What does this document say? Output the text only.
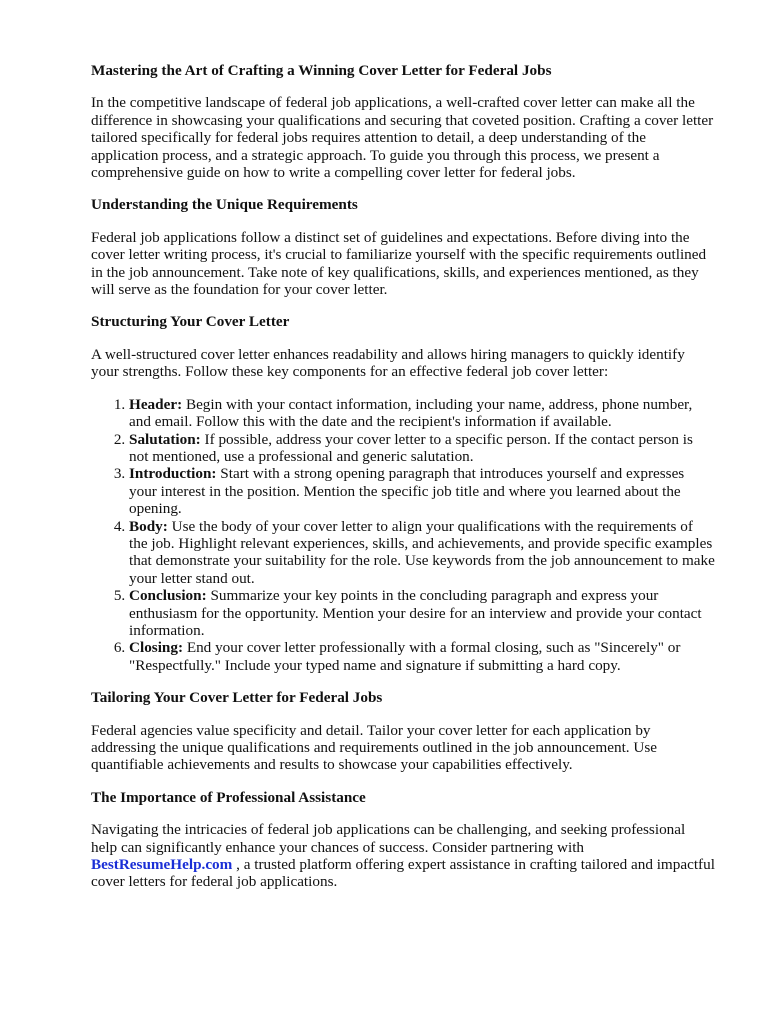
Mastering the Art of Crafting a Winning Cover Letter for Federal Jobs

In the competitive landscape of federal job applications, a well-crafted cover letter can make all the difference in showcasing your qualifications and securing that coveted position. Crafting a cover letter tailored specifically for federal jobs requires attention to detail, a deep understanding of the application process, and a strategic approach. To guide you through this process, we present a comprehensive guide on how to write a compelling cover letter for federal jobs.

Understanding the Unique Requirements

Federal job applications follow a distinct set of guidelines and expectations. Before diving into the cover letter writing process, it's crucial to familiarize yourself with the specific requirements outlined in the job announcement. Take note of key qualifications, skills, and experiences mentioned, as they will serve as the foundation for your cover letter.

Structuring Your Cover Letter

A well-structured cover letter enhances readability and allows hiring managers to quickly identify your strengths. Follow these key components for an effective federal job cover letter:

1. Header: Begin with your contact information, including your name, address, phone number, and email. Follow this with the date and the recipient's information if available.
2. Salutation: If possible, address your cover letter to a specific person. If the contact person is not mentioned, use a professional and generic salutation.
3. Introduction: Start with a strong opening paragraph that introduces yourself and expresses your interest in the position. Mention the specific job title and where you learned about the opening.
4. Body: Use the body of your cover letter to align your qualifications with the requirements of the job. Highlight relevant experiences, skills, and achievements, and provide specific examples that demonstrate your suitability for the role. Use keywords from the job announcement to make your letter stand out.
5. Conclusion: Summarize your key points in the concluding paragraph and express your enthusiasm for the opportunity. Mention your desire for an interview and provide your contact information.
6. Closing: End your cover letter professionally with a formal closing, such as "Sincerely" or "Respectfully." Include your typed name and signature if submitting a hard copy.
Tailoring Your Cover Letter for Federal Jobs

Federal agencies value specificity and detail. Tailor your cover letter for each application by addressing the unique qualifications and requirements outlined in the job announcement. Use quantifiable achievements and results to showcase your capabilities effectively.

The Importance of Professional Assistance

Navigating the intricacies of federal job applications can be challenging, and seeking professional help can significantly enhance your chances of success. Consider partnering with BestResumeHelp.com , a trusted platform offering expert assistance in crafting tailored and impactful cover letters for federal job applications.
